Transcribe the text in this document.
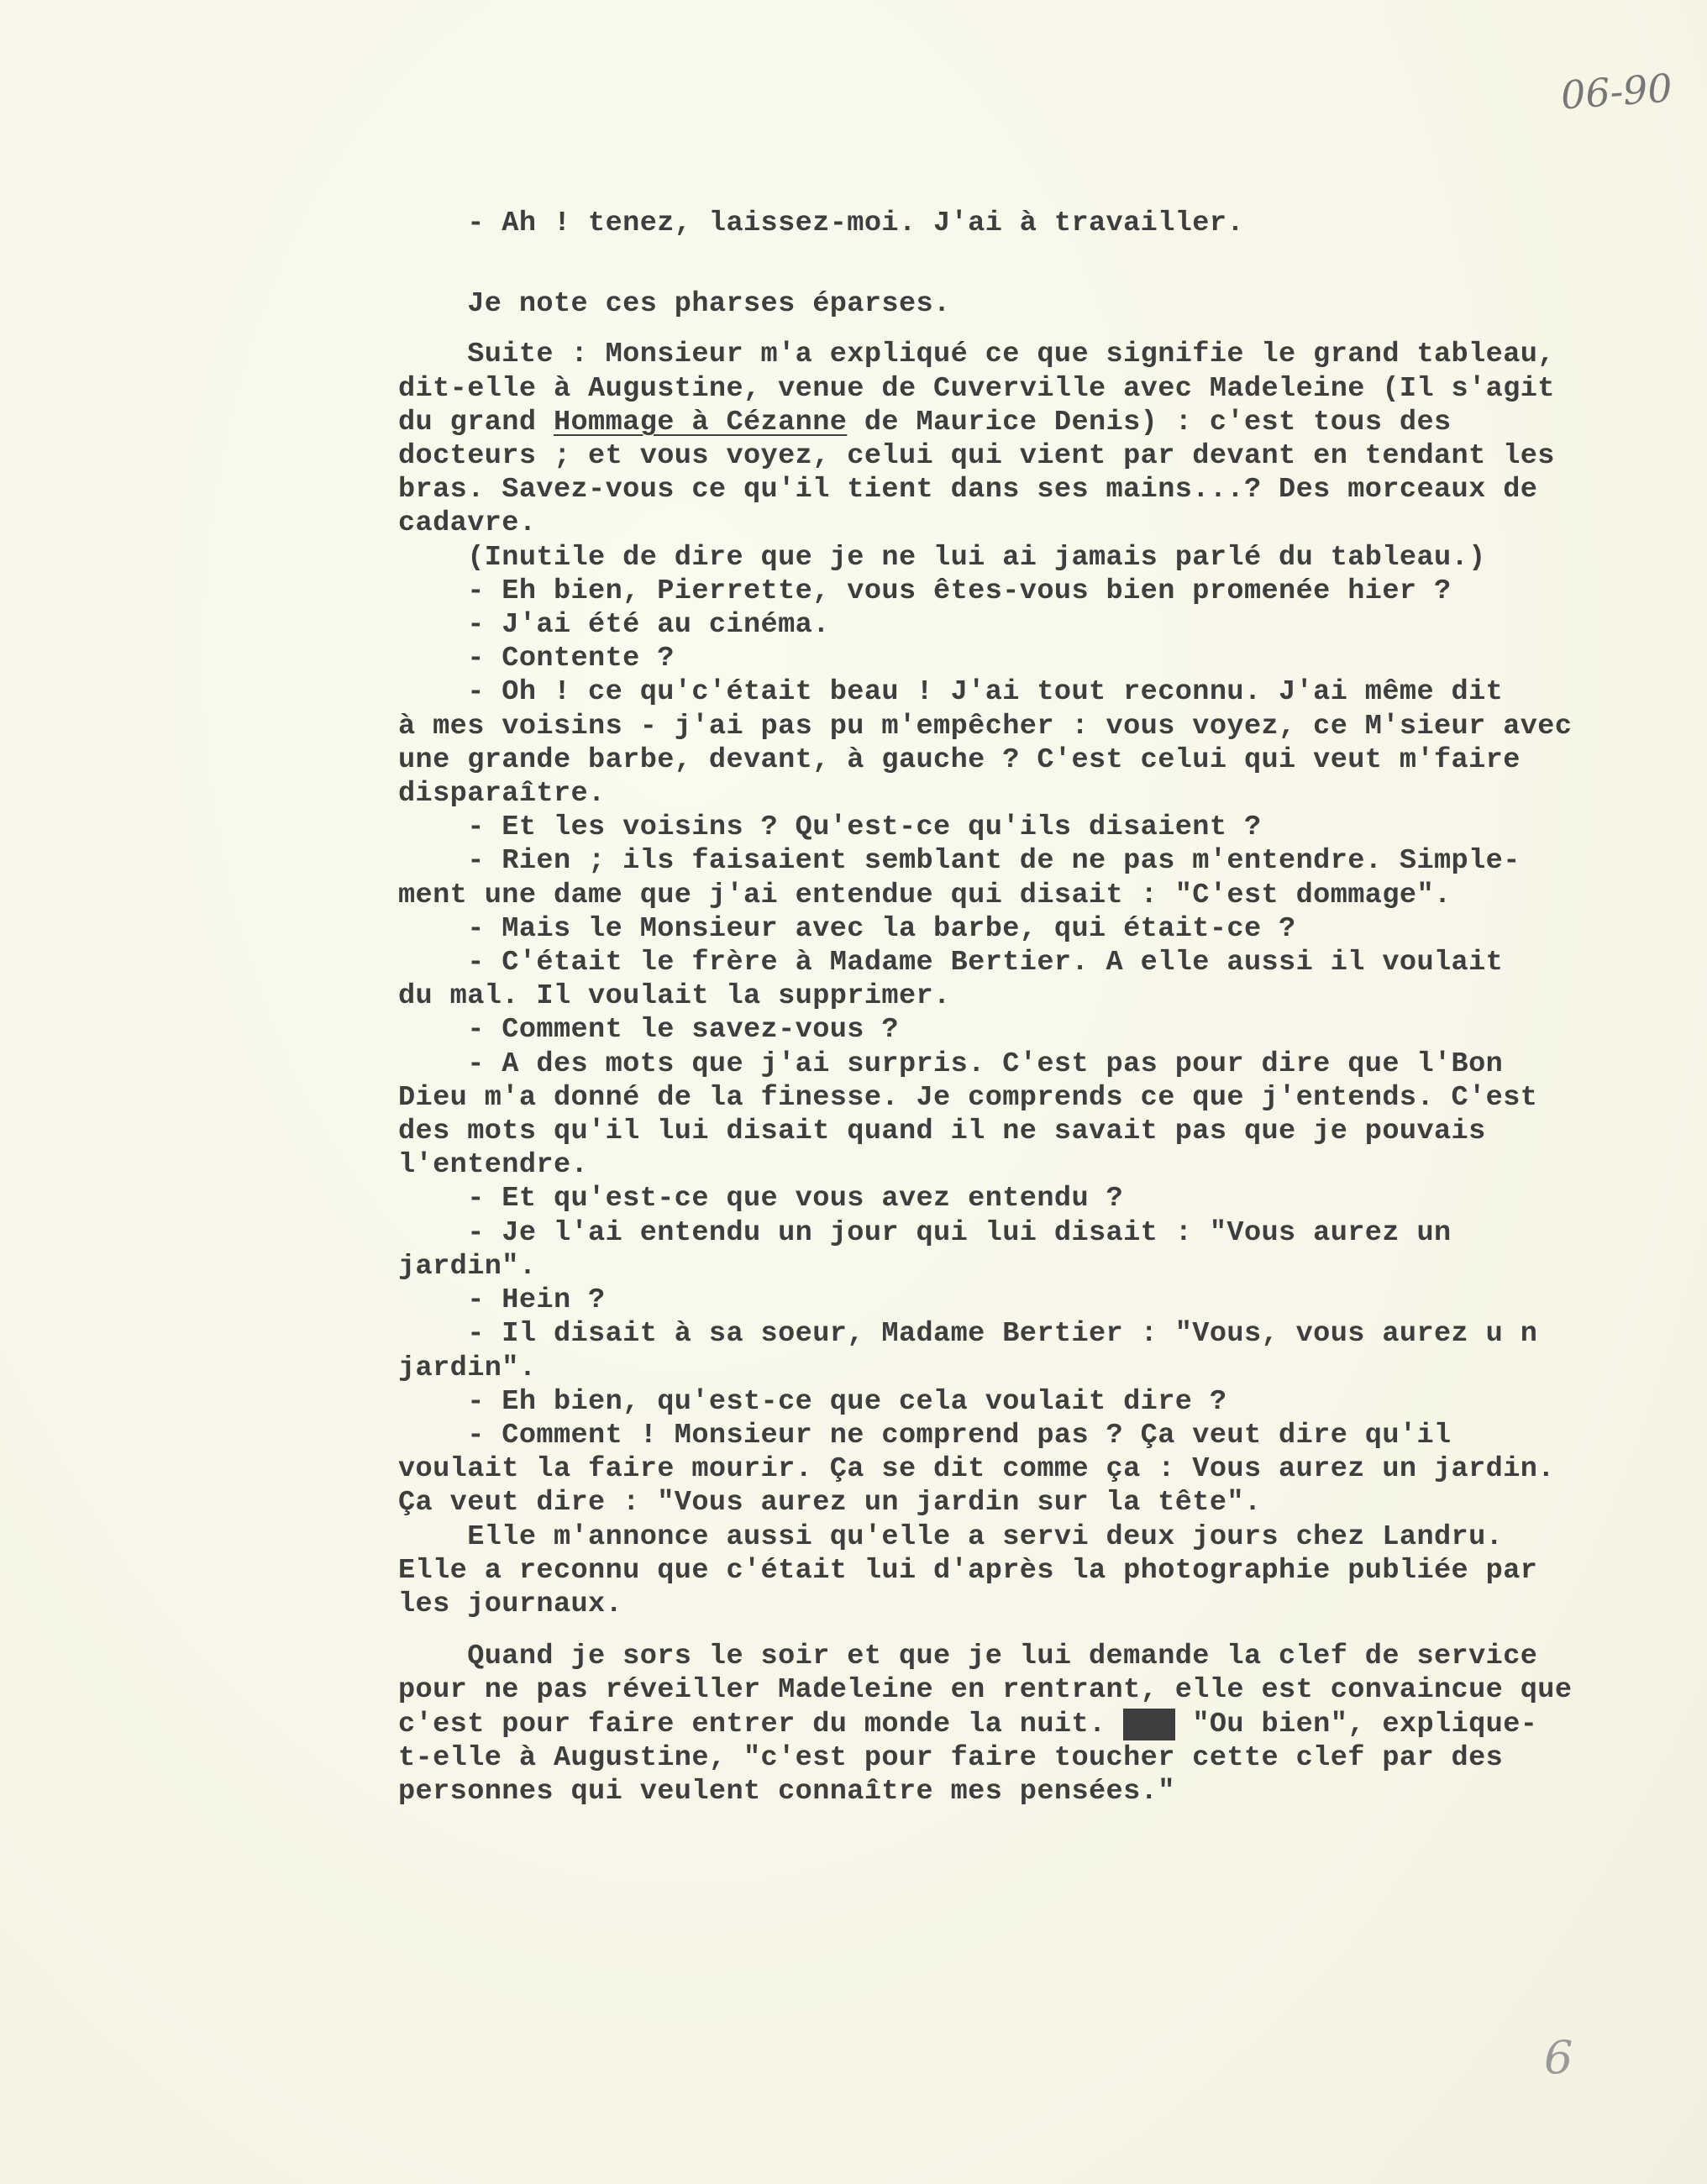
06-90
- Ah ! tenez, laissez-moi. J'ai à travailler.
Je note ces pharses éparses.
Suite : Monsieur m'a expliqué ce que signifie le grand tableau,
dit-elle à Augustine, venue de Cuverville avec Madeleine (Il s'agit
du grand Hommage à Cézanne de Maurice Denis) : c'est tous des
docteurs ; et vous voyez, celui qui vient par devant en tendant les
bras. Savez-vous ce qu'il tient dans ses mains...? Des morceaux de
cadavre.
(Inutile de dire que je ne lui ai jamais parlé du tableau.)
- Eh bien, Pierrette, vous êtes-vous bien promenée hier ?
- J'ai été au cinéma.
- Contente ?
- Oh ! ce qu'c'était beau ! J'ai tout reconnu. J'ai même dit
à mes voisins - j'ai pas pu m'empêcher : vous voyez, ce M'sieur avec
une grande barbe, devant, à gauche ? C'est celui qui veut m'faire
disparaître.
- Et les voisins ? Qu'est-ce qu'ils disaient ?
- Rien ; ils faisaient semblant de ne pas m'entendre. Simple-
ment une dame que j'ai entendue qui disait : "C'est dommage".
- Mais le Monsieur avec la barbe, qui était-ce ?
- C'était le frère à Madame Bertier. A elle aussi il voulait
du mal. Il voulait la supprimer.
- Comment le savez-vous ?
- A des mots que j'ai surpris. C'est pas pour dire que l'Bon
Dieu m'a donné de la finesse. Je comprends ce que j'entends. C'est
des mots qu'il lui disait quand il ne savait pas que je pouvais
l'entendre.
- Et qu'est-ce que vous avez entendu ?
- Je l'ai entendu un jour qui lui disait : "Vous aurez un
jardin".
- Hein ?
- Il disait à sa soeur, Madame Bertier : "Vous, vous aurez u n
jardin".
- Eh bien, qu'est-ce que cela voulait dire ?
- Comment ! Monsieur ne comprend pas ? Ça veut dire qu'il
voulait la faire mourir. Ça se dit comme ça : Vous aurez un jardin.
Ça veut dire : "Vous aurez un jardin sur la tête".
Elle m'annonce aussi qu'elle a servi deux jours chez Landru.
Elle a reconnu que c'était lui d'après la photographie publiée par
les journaux.
Quand je sors le soir et que je lui demande la clef de service
pour ne pas réveiller Madeleine en rentrant, elle est convaincue que
c'est pour faire entrer du monde la nuit. MMM "Ou bien", explique-
t-elle à Augustine, "c'est pour faire toucher cette clef par des
personnes qui veulent connaître mes pensées."
6
